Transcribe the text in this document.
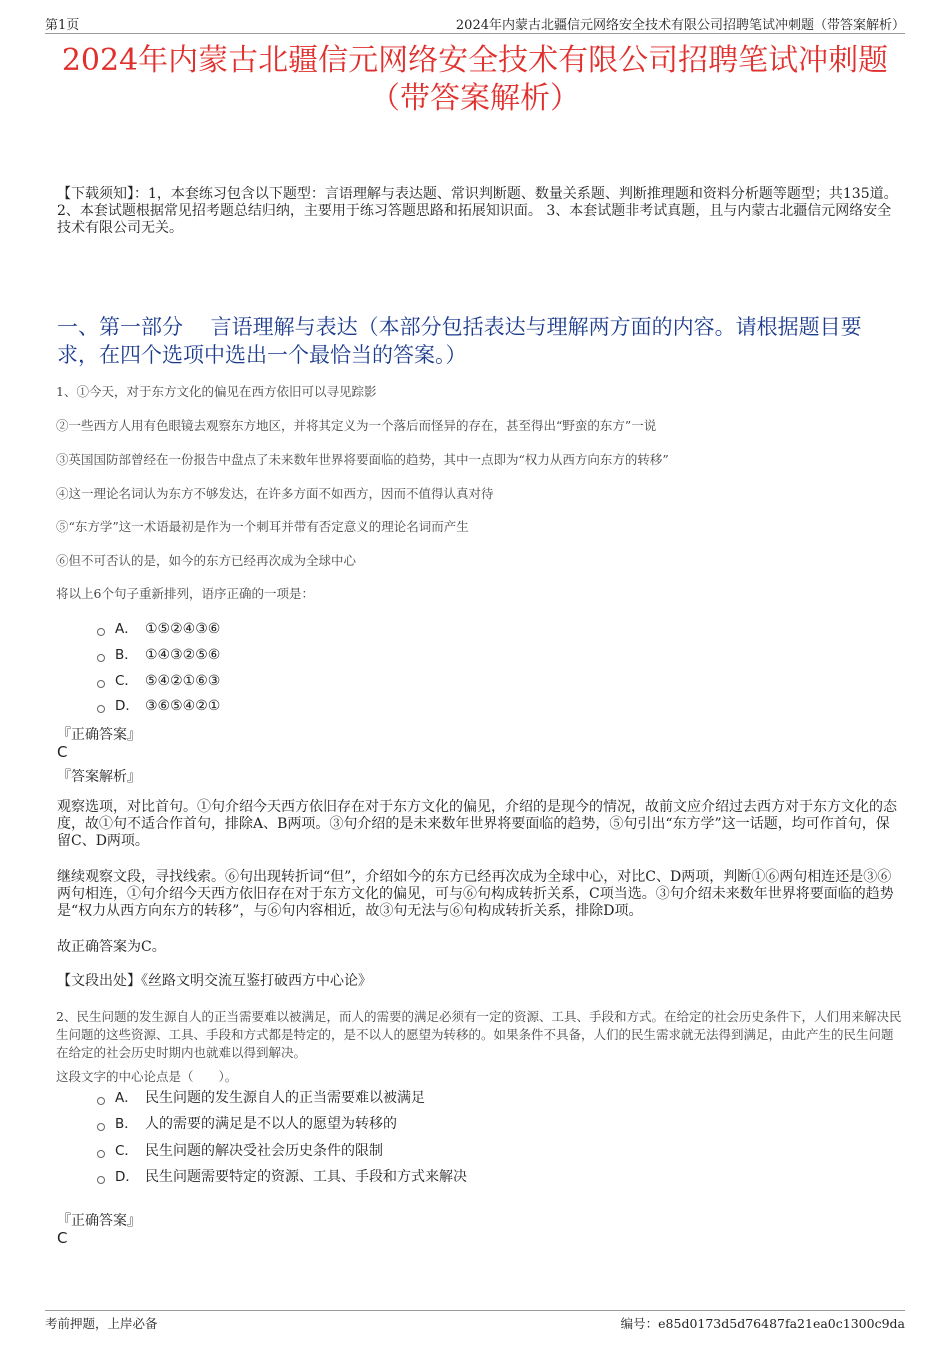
第1页	2024年内蒙古北疆信元网络安全技术有限公司招聘笔试冲刺题（带答案解析）
2024年内蒙古北疆信元网络安全技术有限公司招聘笔试冲刺题
（带答案解析）
【下载须知】：1，本套练习包含以下题型：言语理解与表达题、常识判断题、数量关系题、判断推理题和资料分析题等题型；共135道。 2、本套试题根据常见招考题总结归纳，主要用于练习答题思路和拓展知识面。 3、本套试题非考试真题，且与内蒙古北疆信元网络安全技术有限公司无关。
一、第一部分　 言语理解与表达（本部分包括表达与理解两方面的内容。请根据题目要求，在四个选项中选出一个最恰当的答案。）
1、①今天，对于东方文化的偏见在西方依旧可以寻见踪影
②一些西方人用有色眼镜去观察东方地区，并将其定义为一个落后而怪异的存在，甚至得出“野蛮的东方”一说
③英国国防部曾经在一份报告中盘点了未来数年世界将要面临的趋势，其中一点即为“权力从西方向东方的转移”
④这一理论名词认为东方不够发达，在许多方面不如西方，因而不值得认真对待
⑤“东方学”这一术语最初是作为一个刺耳并带有否定意义的理论名词而产生
⑥但不可否认的是，如今的东方已经再次成为全球中心
将以上6个句子重新排列，语序正确的一项是：
A． ①⑤②④③⑥
B． ①④③②⑤⑥
C． ⑤④②①⑥③
D． ③⑥⑤④②①
『正确答案』
C
『答案解析』
观察选项，对比首句。①句介绍今天西方依旧存在对于东方文化的偏见，介绍的是现今的情况，故前文应介绍过去西方对于东方文化的态度，故①句不适合作首句，排除A、B两项。③句介绍的是未来数年世界将要面临的趋势，⑤句引出“东方学”这一话题，均可作首句，保留C、D两项。
继续观察文段，寻找线索。⑥句出现转折词“但”，介绍如今的东方已经再次成为全球中心，对比C、D两项，判断①⑥两句相连还是③⑥两句相连，①句介绍今天西方依旧存在对于东方文化的偏见，可与⑥句构成转折关系，C项当选。③句介绍未来数年世界将要面临的趋势是“权力从西方向东方的转移”，与⑥句内容相近，故③句无法与⑥句构成转折关系，排除D项。
故正确答案为C。
【文段出处】《丝路文明交流互鉴打破西方中心论》
2、民生问题的发生源自人的正当需要难以被满足，而人的需要的满足必须有一定的资源、工具、手段和方式。在给定的社会历史条件下，人们用来解决民生问题的这些资源、工具、手段和方式都是特定的，是不以人的愿望为转移的。如果条件不具备，人们的民生需求就无法得到满足，由此产生的民生问题在给定的社会历史时期内也就难以得到解决。
这段文字的中心论点是（　　）。
A． 民生问题的发生源自人的正当需要难以被满足
B． 人的需要的满足是不以人的愿望为转移的
C． 民生问题的解决受社会历史条件的限制
D． 民生问题需要特定的资源、工具、手段和方式来解决
『正确答案』
C
考前押题，上岸必备	编号：e85d0173d5d76487fa21ea0c1300c9da
